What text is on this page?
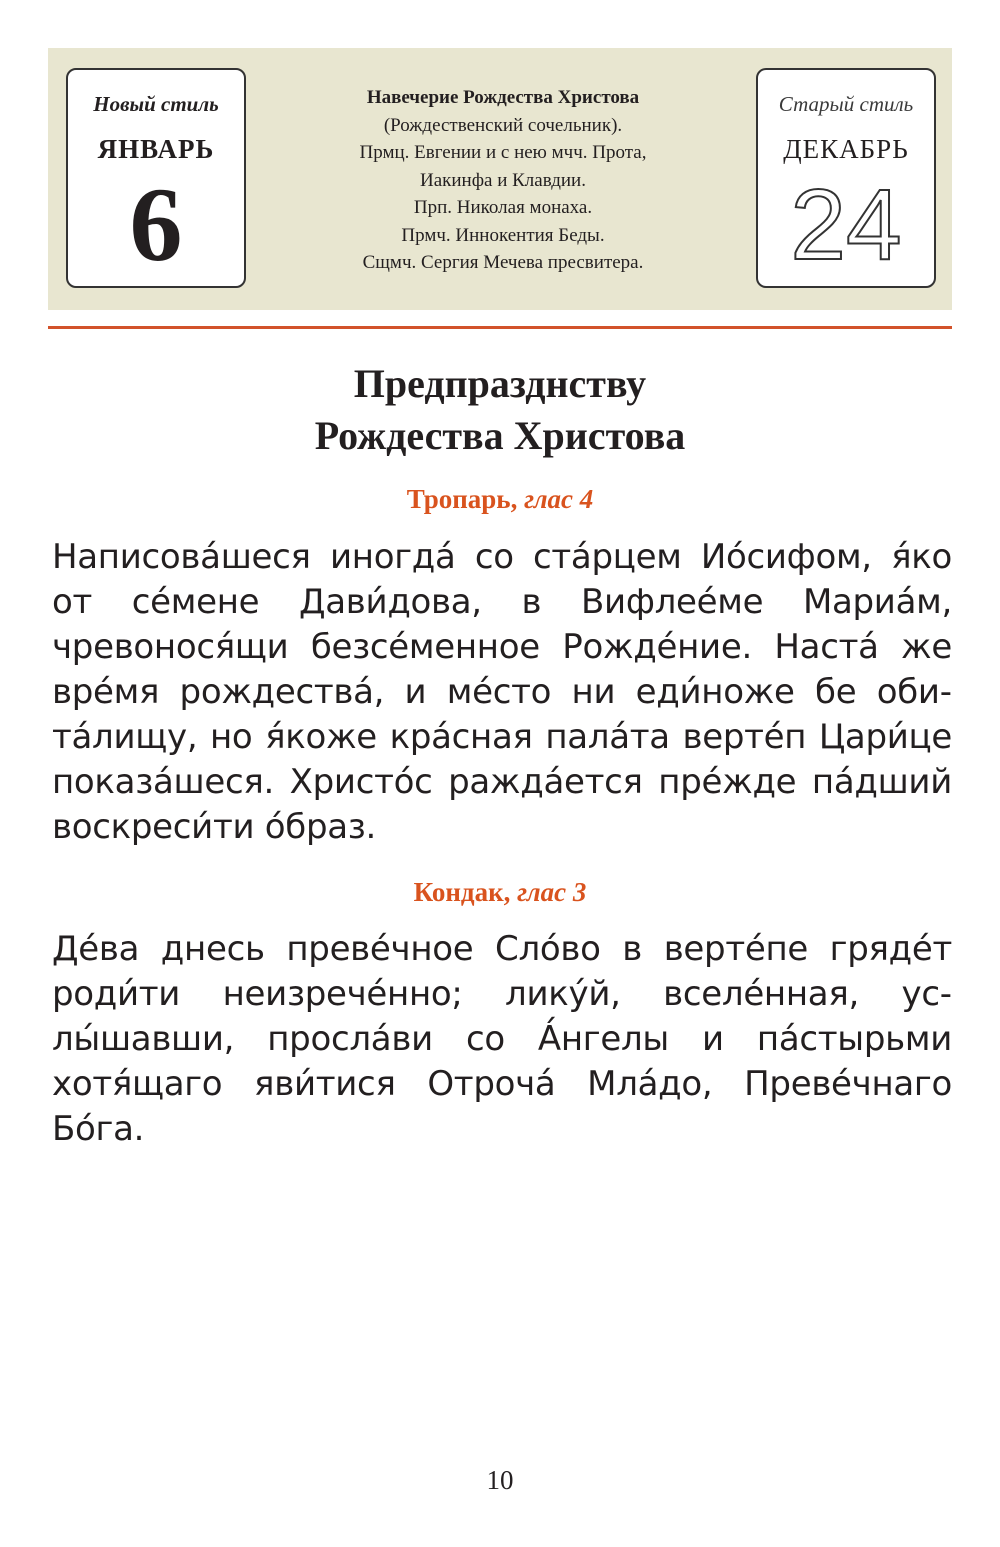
Новый стиль
ЯНВАРЬ
6
Навечерие Рождества Христова
(Рождественский сочельник).
Прмц. Евгении и с нею мчч. Прота,
Иакинфа и Клавдии.
Прп. Николая монаха.
Прмч. Иннокентия Беды.
Сщмч. Сергия Мечева пресвитера.
Старый стиль
ДЕКАБРЬ
24
Предпразднству
Рождества Христова
Тропарь, глас 4
Написова́шеся иногда́ со ста́рцем Ио́сифом, я́ко от се́мене Дави́дова, в Вифлее́ме Мариа́м, чревонося́щи безсе́менное Рожде́ние. Наста́ же вре́мя рождества́, и ме́сто ни еди́ноже бе обита́лищу, но я́коже кра́сная пала́та верте́п Цари́це показа́шеся. Христо́с ражда́ется пре́жде па́дший воскреси́ти о́браз.
Кондак, глас 3
Де́ва днесь преве́чное Сло́во в верте́пе гряде́т роди́ти неизрече́нно; лику́й, вселе́нная, услы́шавши, просла́ви со А́нгелы и па́стырьми хотя́щаго яви́тися Отроча́ Мла́до, Преве́чнаго Бо́га.
10
